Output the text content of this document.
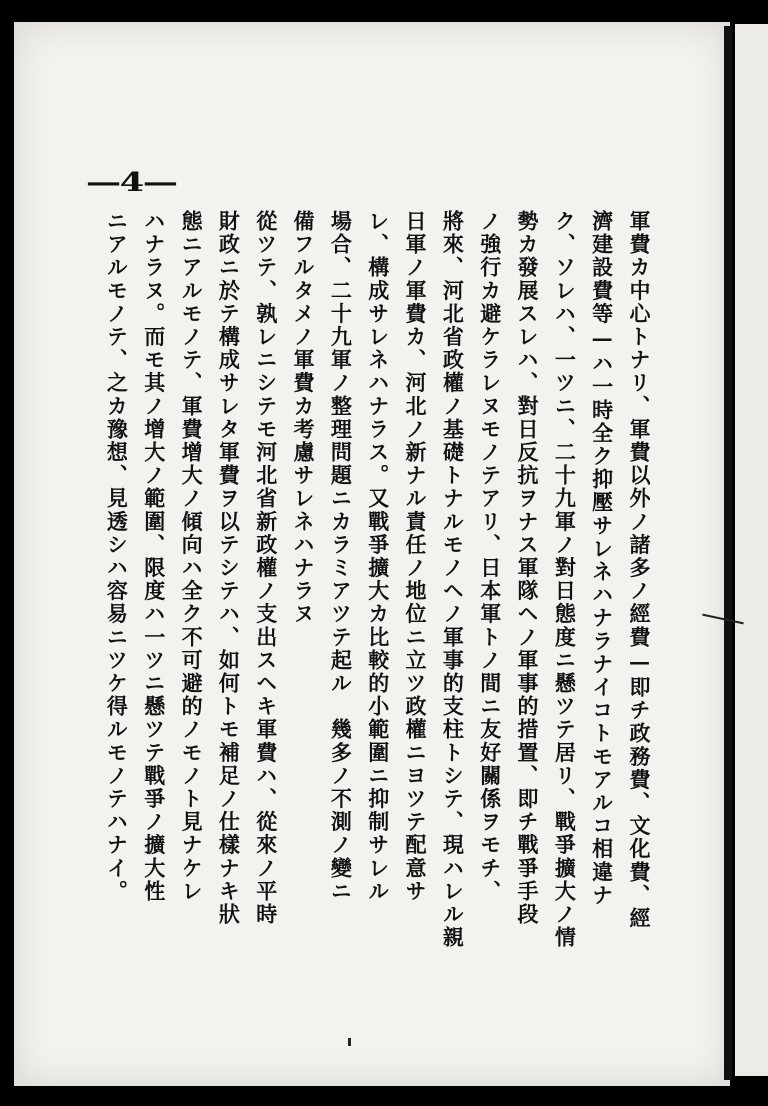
—4—
軍費カ中心トナリ、軍費以外ノ諸多ノ經費—即チ政務費、文化費、經
濟建設費等—ハ一時全ク抑壓サレネハナラナイコトモアルコ相違ナ
ク、ソレハ、一ツニ、二十九軍ノ對日態度ニ懸ツテ居リ、戰爭擴大ノ情
勢カ發展スレハ、對日反抗ヲナス軍隊ヘノ軍事的措置、即チ戰爭手段
ノ強行カ避ケラレヌモノテアリ、日本軍トノ間ニ友好關係ヲモチ、
將來、河北省政權ノ基礎トナルモノヘノ軍事的支柱トシテ、現ハレル親
日軍ノ軍費カ、河北ノ新ナル責任ノ地位ニ立ツ政權ニヨツテ配意サ
レ、構成サレネハナラス。又戰爭擴大カ比較的小範圍ニ抑制サレル
場合、二十九軍ノ整理問題ニカラミアツテ起ル　幾多ノ不測ノ變ニ
備フルタメノ軍費カ考慮サレネハナラヌ
從ツテ、孰レニシテモ河北省新政權ノ支出スヘキ軍費ハ、從來ノ平時
財政ニ於テ構成サレタ軍費ヲ以テシテハ、如何トモ補足ノ仕樣ナキ狀
態ニアルモノテ、軍費增大ノ傾向ハ全ク不可避的ノモノト見ナケレ
ハナラヌ。而モ其ノ增大ノ範圍、限度ハ一ツニ懸ツテ戰爭ノ擴大性
ニアルモノテ、之カ豫想、見透シハ容易ニツケ得ルモノテハナイ。
